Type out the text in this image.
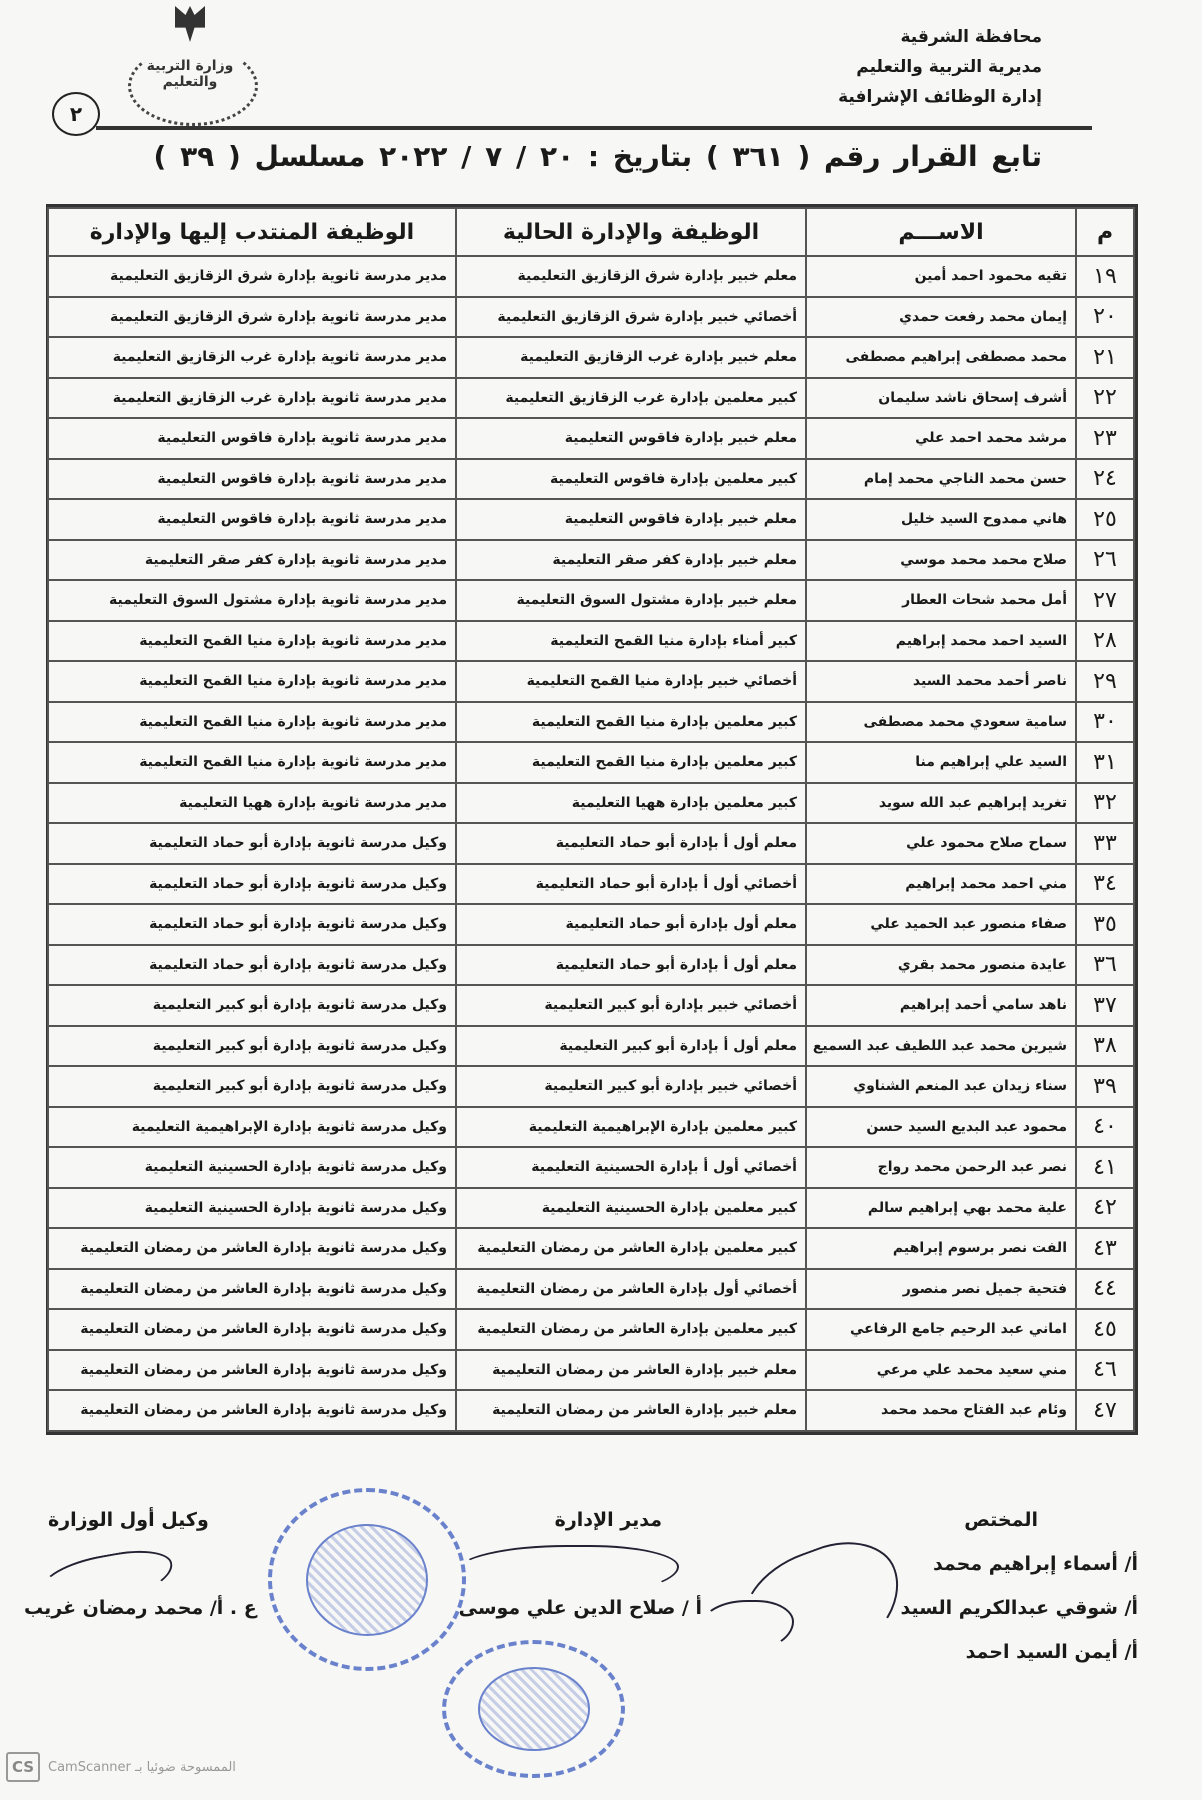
محافظة الشرقية
مديرية التربية والتعليم
إدارة الوظائف الإشرافية
وزارة التربية والتعليم
٢
تابع القرار رقم ( ٣٦١ ) بتاريخ : ٢٠ / ٧ / ٢٠٢٢ مسلسل ( ٣٩ )
م	الاســـم	الوظيفة والإدارة الحالية	الوظيفة المنتدب إليها والإدارة
١٩	تقيه محمود احمد أمين	معلم خبير بإدارة شرق الزقازيق التعليمية	مدير مدرسة ثانوية بإدارة شرق الزقازيق التعليمية
٢٠	إيمان محمد رفعت حمدي	أخصائي خبير بإدارة شرق الزقازيق التعليمية	مدير مدرسة ثانوية بإدارة شرق الزقازيق التعليمية
٢١	محمد مصطفى إبراهيم مصطفى	معلم خبير بإدارة غرب الزقازيق التعليمية	مدير مدرسة ثانوية بإدارة غرب الزقازيق التعليمية
٢٢	أشرف إسحاق ناشد سليمان	كبير معلمين بإدارة غرب الزقازيق التعليمية	مدير مدرسة ثانوية بإدارة غرب الزقازيق التعليمية
٢٣	مرشد محمد احمد علي	معلم خبير بإدارة فاقوس التعليمية	مدير مدرسة ثانوية بإدارة فاقوس التعليمية
٢٤	حسن محمد الناجي محمد إمام	كبير معلمين بإدارة فاقوس التعليمية	مدير مدرسة ثانوية بإدارة فاقوس التعليمية
٢٥	هاني ممدوح السيد خليل	معلم خبير بإدارة فاقوس التعليمية	مدير مدرسة ثانوية بإدارة فاقوس التعليمية
٢٦	صلاح محمد محمد موسي	معلم خبير بإدارة كفر صقر التعليمية	مدير مدرسة ثانوية بإدارة كفر صقر التعليمية
٢٧	أمل محمد شحات العطار	معلم خبير بإدارة مشتول السوق التعليمية	مدير مدرسة ثانوية بإدارة مشتول السوق التعليمية
٢٨	السيد احمد محمد إبراهيم	كبير أمناء بإدارة منيا القمح التعليمية	مدير مدرسة ثانوية بإدارة منيا القمح التعليمية
٢٩	ناصر أحمد محمد السيد	أخصائي خبير بإدارة منيا القمح التعليمية	مدير مدرسة ثانوية بإدارة منيا القمح التعليمية
٣٠	سامية سعودي محمد مصطفى	كبير معلمين بإدارة منيا القمح التعليمية	مدير مدرسة ثانوية بإدارة منيا القمح التعليمية
٣١	السيد علي إبراهيم منا	كبير معلمين بإدارة منيا القمح التعليمية	مدير مدرسة ثانوية بإدارة منيا القمح التعليمية
٣٢	تغريد إبراهيم عبد الله سويد	كبير معلمين بإدارة ههيا التعليمية	مدير مدرسة ثانوية بإدارة ههيا التعليمية
٣٣	سماح صلاح محمود علي	معلم أول أ بإدارة أبو حماد التعليمية	وكيل مدرسة ثانوية بإدارة أبو حماد التعليمية
٣٤	مني احمد محمد إبراهيم	أخصائي أول أ بإدارة أبو حماد التعليمية	وكيل مدرسة ثانوية بإدارة أبو حماد التعليمية
٣٥	صفاء منصور عبد الحميد علي	معلم أول بإدارة أبو حماد التعليمية	وكيل مدرسة ثانوية بإدارة أبو حماد التعليمية
٣٦	عايدة منصور محمد بقري	معلم أول أ بإدارة أبو حماد التعليمية	وكيل مدرسة ثانوية بإدارة أبو حماد التعليمية
٣٧	ناهد سامي أحمد إبراهيم	أخصائي خبير بإدارة أبو كبير التعليمية	وكيل مدرسة ثانوية بإدارة أبو كبير التعليمية
٣٨	شيرين محمد عبد اللطيف عبد السميع	معلم أول أ بإدارة أبو كبير التعليمية	وكيل مدرسة ثانوية بإدارة أبو كبير التعليمية
٣٩	سناء زيدان عبد المنعم الشناوي	أخصائي خبير بإدارة أبو كبير التعليمية	وكيل مدرسة ثانوية بإدارة أبو كبير التعليمية
٤٠	محمود عبد البديع السيد حسن	كبير معلمين بإدارة الإبراهيمية التعليمية	وكيل مدرسة ثانوية بإدارة الإبراهيمية التعليمية
٤١	نصر عبد الرحمن محمد رواج	أخصائي أول أ بإدارة الحسينية التعليمية	وكيل مدرسة ثانوية بإدارة الحسينية التعليمية
٤٢	علية محمد بهي إبراهيم سالم	كبير معلمين بإدارة الحسينية التعليمية	وكيل مدرسة ثانوية بإدارة الحسينية التعليمية
٤٣	الفت نصر برسوم إبراهيم	كبير معلمين بإدارة العاشر من رمضان التعليمية	وكيل مدرسة ثانوية بإدارة العاشر من رمضان التعليمية
٤٤	فتحية جميل نصر منصور	أخصائي أول بإدارة العاشر من رمضان التعليمية	وكيل مدرسة ثانوية بإدارة العاشر من رمضان التعليمية
٤٥	اماني عبد الرحيم جامع الرفاعي	كبير معلمين بإدارة العاشر من رمضان التعليمية	وكيل مدرسة ثانوية بإدارة العاشر من رمضان التعليمية
٤٦	مني سعيد محمد علي مرعي	معلم خبير بإدارة العاشر من رمضان التعليمية	وكيل مدرسة ثانوية بإدارة العاشر من رمضان التعليمية
٤٧	وئام عبد الفتاح محمد محمد	معلم خبير بإدارة العاشر من رمضان التعليمية	وكيل مدرسة ثانوية بإدارة العاشر من رمضان التعليمية
المختص
أ/ أسماء إبراهيم محمد
أ/ شوقي عبدالكريم السيد
أ/ أيمن السيد احمد
مدير الإدارة
أ / صلاح الدين علي موسى
وكيل أول الوزارة
ع . أ/ محمد رمضان غريب
CS	CamScanner الممسوحة ضوئيا بـ
